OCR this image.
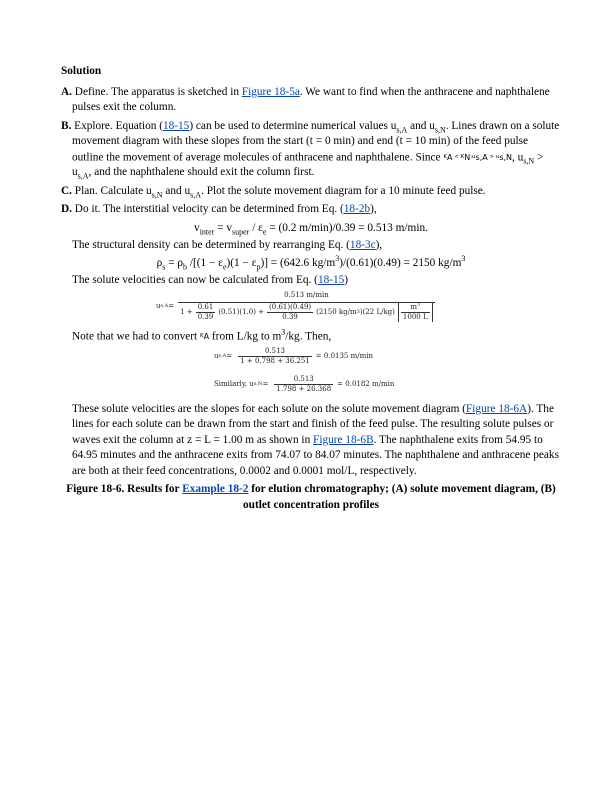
Solution
A. Define. The apparatus is sketched in Figure 18-5a. We want to find when the anthracene and naphthalene pulses exit the column.
B. Explore. Equation (18-15) can be used to determine numerical values $u_{s,A}$ and $u_{s,N}$. Lines drawn on a solute movement diagram with these slopes from the start (t = 0 min) and end (t = 10 min) of the feed pulse outline the movement of average molecules of anthracene and naphthalene. Since $K_A$ < $K_N;u_{s,A} > u_{s,N}$, $u_{s,N} > u_{s,A}$, and the naphthalene should exit the column first.
C. Plan. Calculate $u_{s,N}$ and $u_{s,A}$. Plot the solute movement diagram for a 10 minute feed pulse.
D. Do it. The interstitial velocity can be determined from Eq. (18-2b),
$v_{inter} = v_{super} / \varepsilon_e = (0.2$ m/min)/0.39 = 0.513 m/min.
The structural density can be determined by rearranging Eq. (18-3c),
$\rho_s = \rho_b$ $/[(1 - \varepsilon_e)(1 - \varepsilon_p)] = (642.6$ $kg/m^3)/(0.61)(0.49) = 2150$ $kg/m^3$
The solute velocities can now be calculated from Eq. (18-15)
u s,A =
0.513 m/min
$1 + \frac{0.61}{0.39} (0.51)(1.0) + \frac{(0.61)(0.49)}{0.39} (2150$ kg/m 3 )(22 $L/kg) \frac{m^3}{1000 L}$
Note that we had to convert $K_A$ from L/kg to $m^3/kg$. Then,
u $s,A = \frac{0.513}{1 + 0.798 + 36.251} = 0.0135$ m/min
Similarly, u $s,N = \frac{0.513}{1.798 + 26.368} = 0.0182$ m/min
These solute velocities are the slopes for each solute on the solute movement diagram (Figure 18-6A). The lines for each solute can be drawn from the start and finish of the feed pulse. The resulting solute pulses or waves exit the column at z = L = 1.00 m as shown in Figure 18-6B. The naphthalene exits from 54.95 to 64.95 minutes and the anthracene exits from 74.07 to 84.07 minutes. The naphthalene and anthracene peaks are both at their feed concentrations, 0.0002 and 0.0001 mol/L, respectively.
Figure 18-6. Results for Example 18-2 for elution chromatography; (A) solute movement diagram, (B) outlet concentration profiles
